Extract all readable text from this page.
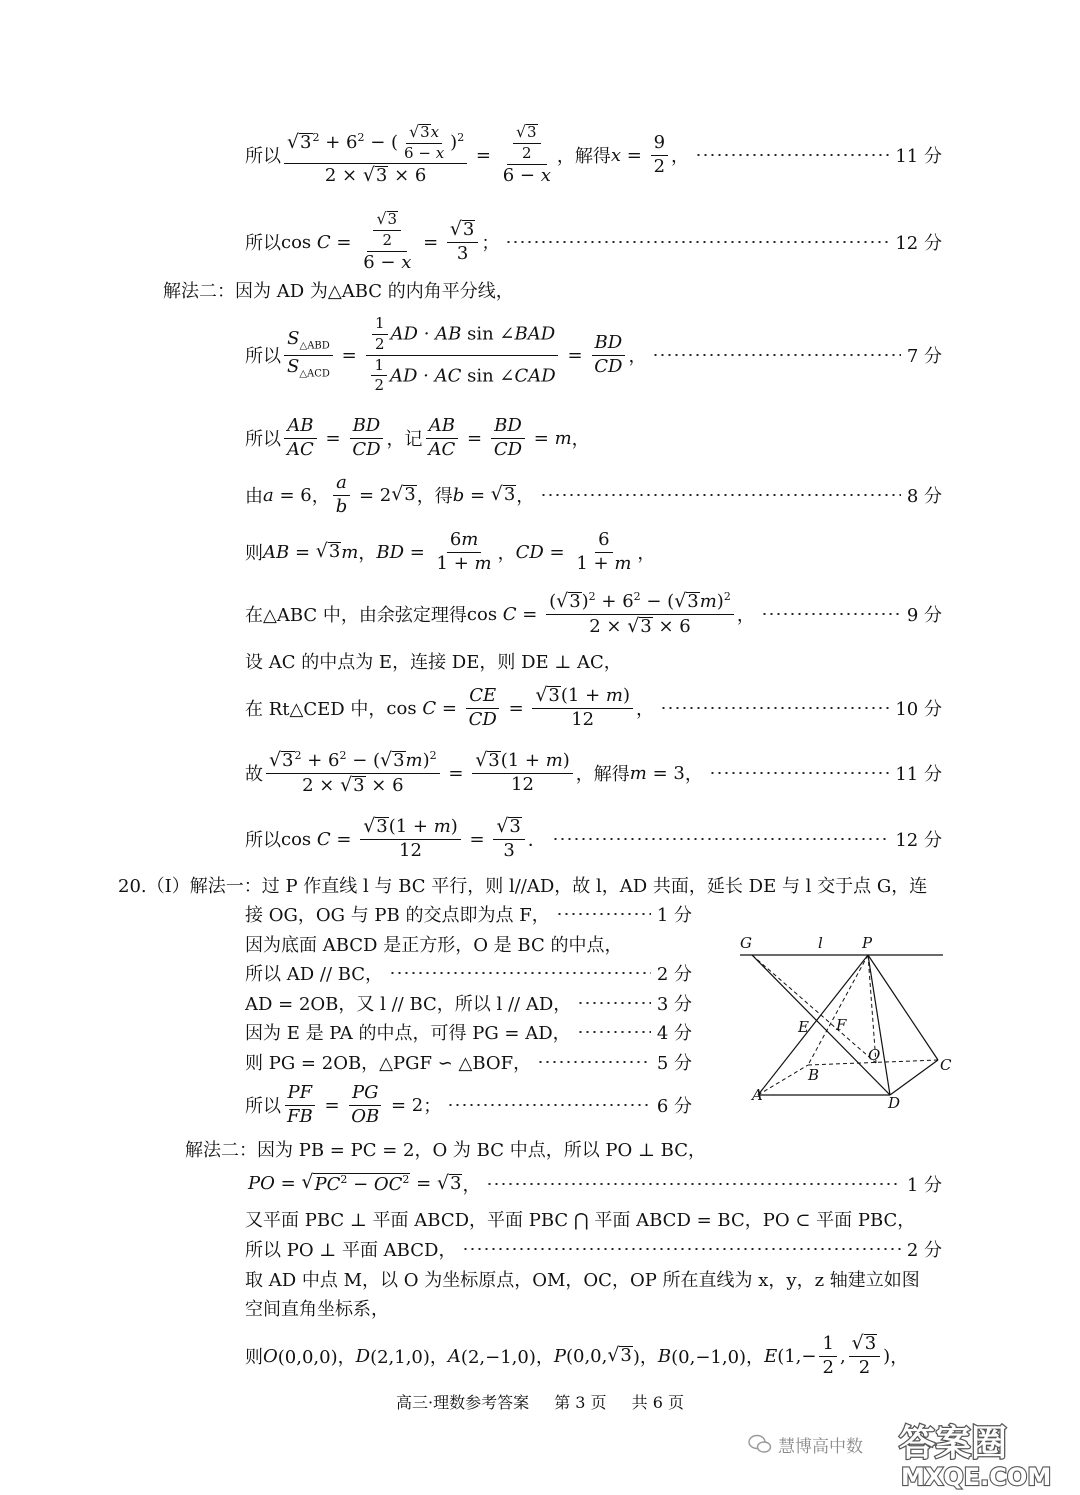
所以 $\frac{√ 3 ^2 + 6^2 - ( \frac{√ 3 x}{6 - x} )^2}{2 \times √ 3 \times 6} = \frac{\frac{√ 3}{2}}{6 - x}$ ，解得 $x = \frac{9}{2}$ ，	11 分
所以 $\cos C = \frac{\frac{√ 3}{2}}{6 - x} = \frac{√ 3}{3}$ ；	12 分
解法二：因为 AD 为△ABC 的内角平分线，
所以 $\frac{S_{\triangle ABD}}{S_{\triangle ACD}} = \frac{\frac{1}{2} AD \cdot AB \sin \angle BAD}{\frac{1}{2} AD \cdot AC \sin \angle CAD} = \frac{BD}{CD}$ ，	7 分
所以 $\frac{AB}{AC} = \frac{BD}{CD}$ ，记 $\frac{AB}{AC} = \frac{BD}{CD} = m$ ，
由 a = 6 ， $\frac{a}{b} = 2$ √ 3 ，得 b = √ 3 ，	8 分
则 AB = √ 3 m ， BD = $\frac{6m}{1 + m}$ ， CD = $\frac{6}{1 + m}$ ，
在△ABC 中，由余弦定理得 $\cos C = \frac{( √ 3 )^2 + 6^2 - ( √ 3 m)^2}{2 \times √ 3 \times 6}$ ，	9 分
设 AC 的中点为 E，连接 DE，则 DE ⊥ AC，
在 Rt△CED 中， $\cos C = \frac{CE}{CD} = \frac{√ 3 (1 + m)}{12}$ ，	10 分
故 $\frac{√ 3 ^2 + 6^2 - ( √ 3 m)^2}{2 \times √ 3 \times 6} = \frac{√ 3 (1 + m)}{12}$ ，解得 m = 3 ，	11 分
所以 $\cos C = \frac{√ 3 (1 + m)}{12} = \frac{√ 3}{3}$ ．	12 分
20.（I）解法一：过 P 作直线 l 与 BC 平行，则 l//AD，故 l，AD 共面，延长 DE 与 l 交于点 G，连
接 OG，OG 与 PB 的交点即为点 F，	1 分
因为底面 ABCD 是正方形，O 是 BC 的中点，
所以 AD // BC，	2 分
AD = 2OB，又 l // BC，所以 l // AD，	3 分
因为 E 是 PA 的中点，可得 PG = AD，	4 分
则 PG = 2OB，△PGF ∽ △BOF，	5 分
所以 $\frac{PF}{FB} = \frac{PG}{OB} = 2$ ；	6 分
G	l	P
E F
O
B
C
A	D
解法二：因为 PB = PC = 2，O 为 BC 中点，所以 PO ⊥ BC，
PO = √ $PC^2 - OC^2$ = √ 3 ，	1 分
又平面 PBC ⊥ 平面 ABCD，平面 PBC ⋂ 平面 ABCD = BC，PO ⊂ 平面 PBC，
所以 PO ⊥ 平面 ABCD，	2 分
取 AD 中点 M，以 O 为坐标原点，OM，OC，OP 所在直线为 x，y，z 轴建立如图
空间直角坐标系，
则 O (0,0,0)， D (2,1,0)， A (2,−1,0)， P (0,0, √ 3 )， B (0,−1,0)， E ($1,- \frac{1}{2}$ , $\frac{√ 3}{2}$ ) ，
高三·理数参考答案 第 3 页 共 6 页
慧博高中数 答案圈
MXQE.COM
